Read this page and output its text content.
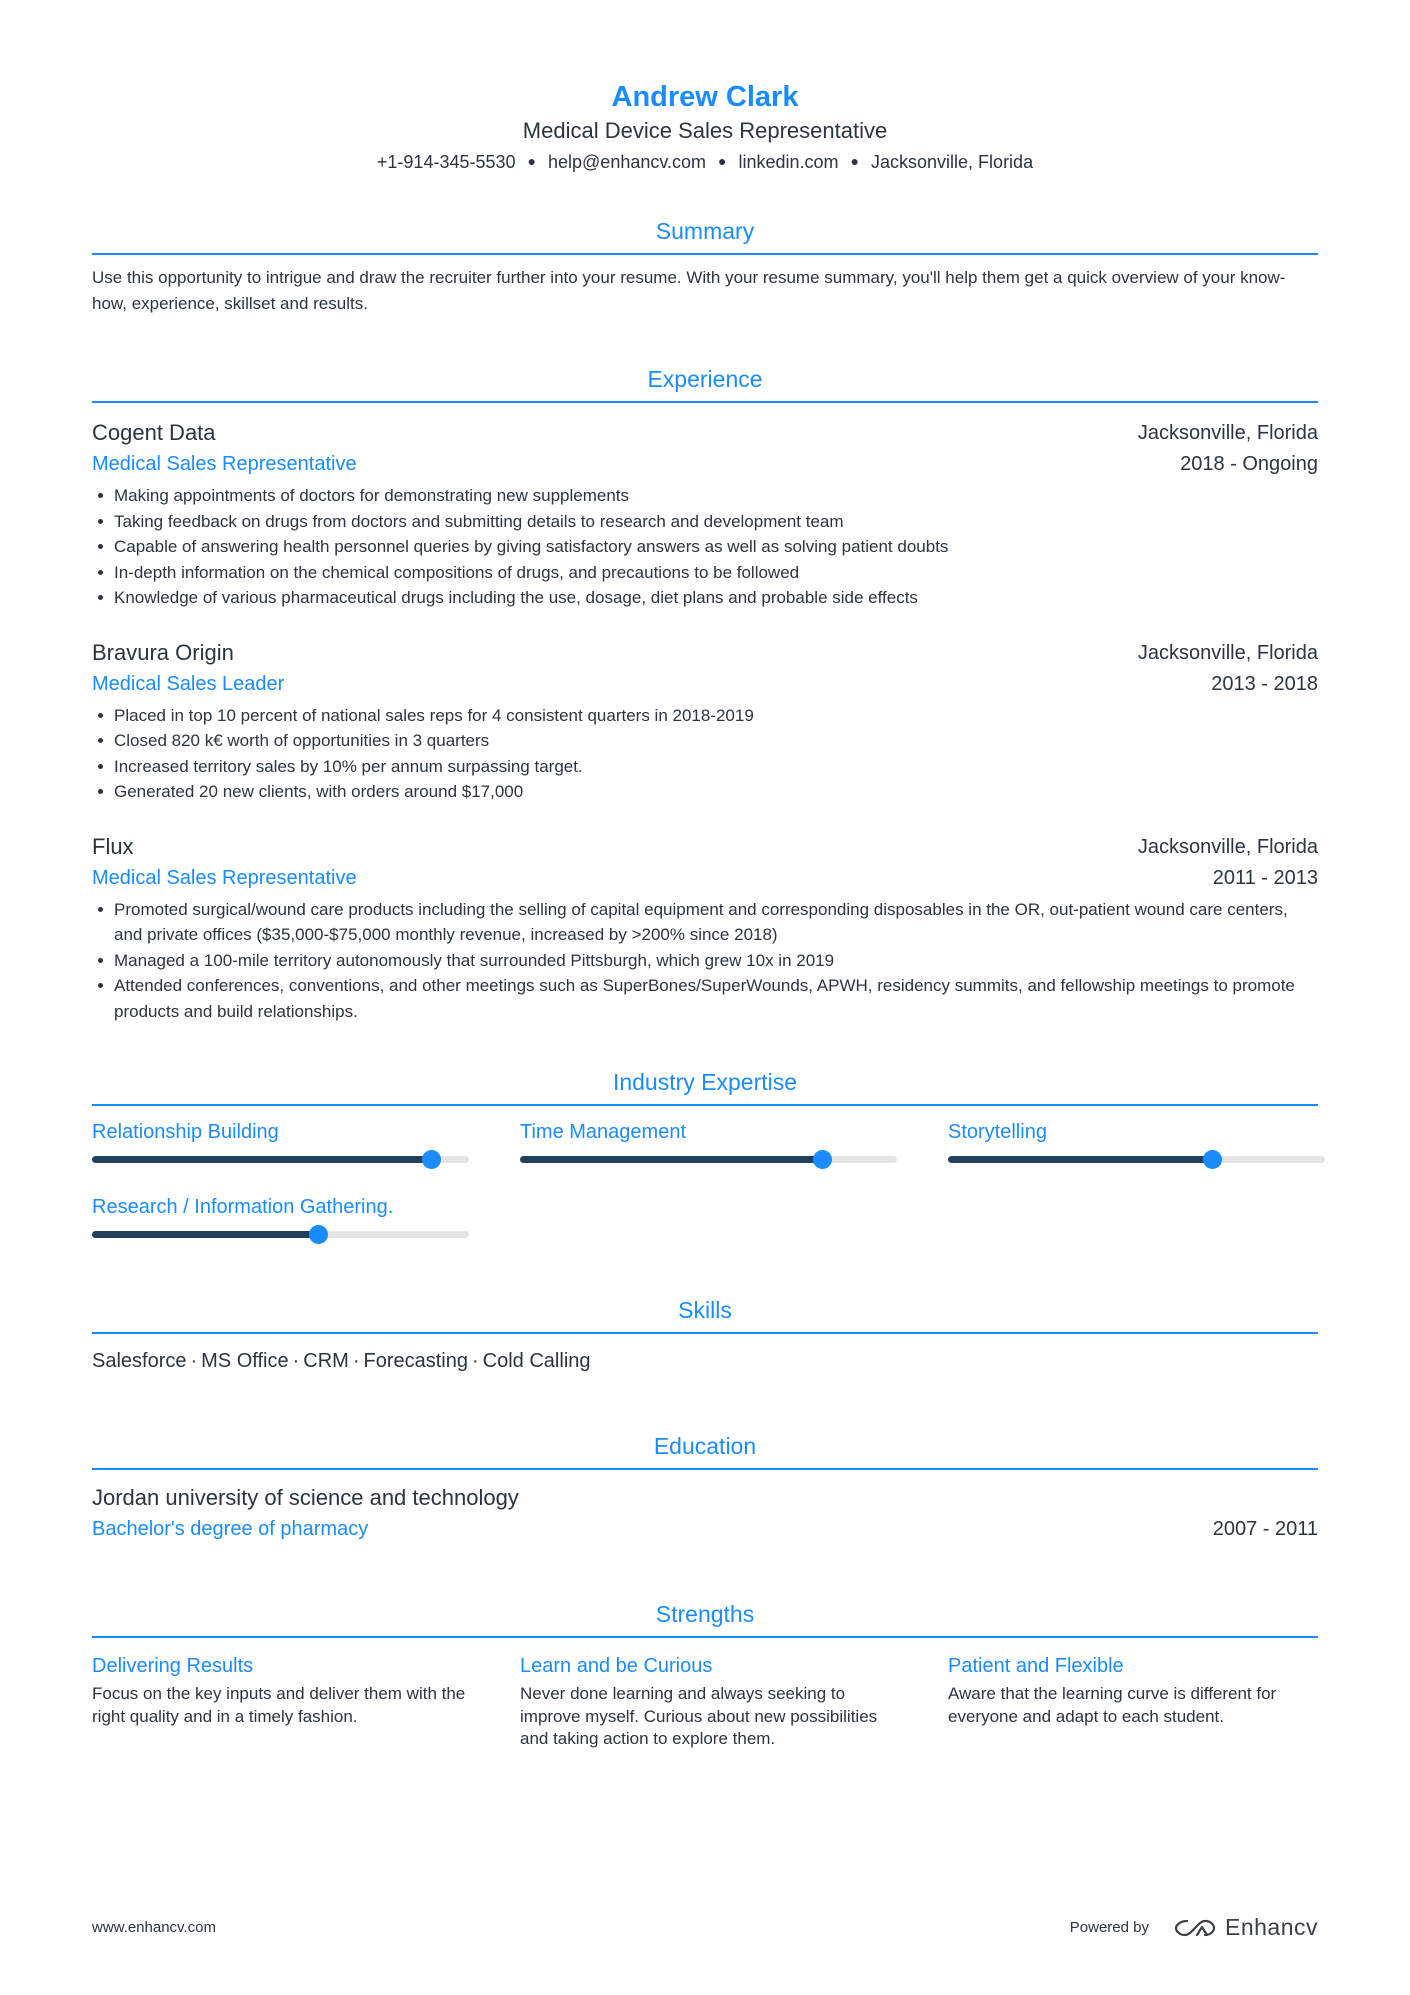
Andrew Clark
Medical Device Sales Representative
+1-914-345-5530 ● help@enhancv.com ● linkedin.com ● Jacksonville, Florida
Summary
Use this opportunity to intrigue and draw the recruiter further into your resume. With your resume summary, you'll help them get a quick overview of your know-how, experience, skillset and results.
Experience
Cogent Data	Jacksonville, Florida
Medical Sales Representative	2018 - Ongoing
Making appointments of doctors for demonstrating new supplements
Taking feedback on drugs from doctors and submitting details to research and development team
Capable of answering health personnel queries by giving satisfactory answers as well as solving patient doubts
In-depth information on the chemical compositions of drugs, and precautions to be followed
Knowledge of various pharmaceutical drugs including the use, dosage, diet plans and probable side effects
Bravura Origin	Jacksonville, Florida
Medical Sales Leader	2013 - 2018
Placed in top 10 percent of national sales reps for 4 consistent quarters in 2018-2019
Closed 820 k€ worth of opportunities in 3 quarters
Increased territory sales by 10% per annum surpassing target.
Generated 20 new clients, with orders around $17,000
Flux	Jacksonville, Florida
Medical Sales Representative	2011 - 2013
Promoted surgical/wound care products including the selling of capital equipment and corresponding disposables in the OR, out-patient wound care centers, and private offices ($35,000-$75,000 monthly revenue, increased by >200% since 2018)
Managed a 100-mile territory autonomously that surrounded Pittsburgh, which grew 10x in 2019
Attended conferences, conventions, and other meetings such as SuperBones/SuperWounds, APWH, residency summits, and fellowship meetings to promote products and build relationships.
Industry Expertise
Relationship Building	Time Management	Storytelling
Research / Information Gathering.
Skills
Salesforce · MS Office · CRM · Forecasting · Cold Calling
Education
Jordan university of science and technology
Bachelor's degree of pharmacy	2007 - 2011
Strengths
Delivering Results
Focus on the key inputs and deliver them with the right quality and in a timely fashion.
Learn and be Curious
Never done learning and always seeking to improve myself. Curious about new possibilities and taking action to explore them.
Patient and Flexible
Aware that the learning curve is different for everyone and adapt to each student.
www.enhancv.com	Powered by	Enhancv
